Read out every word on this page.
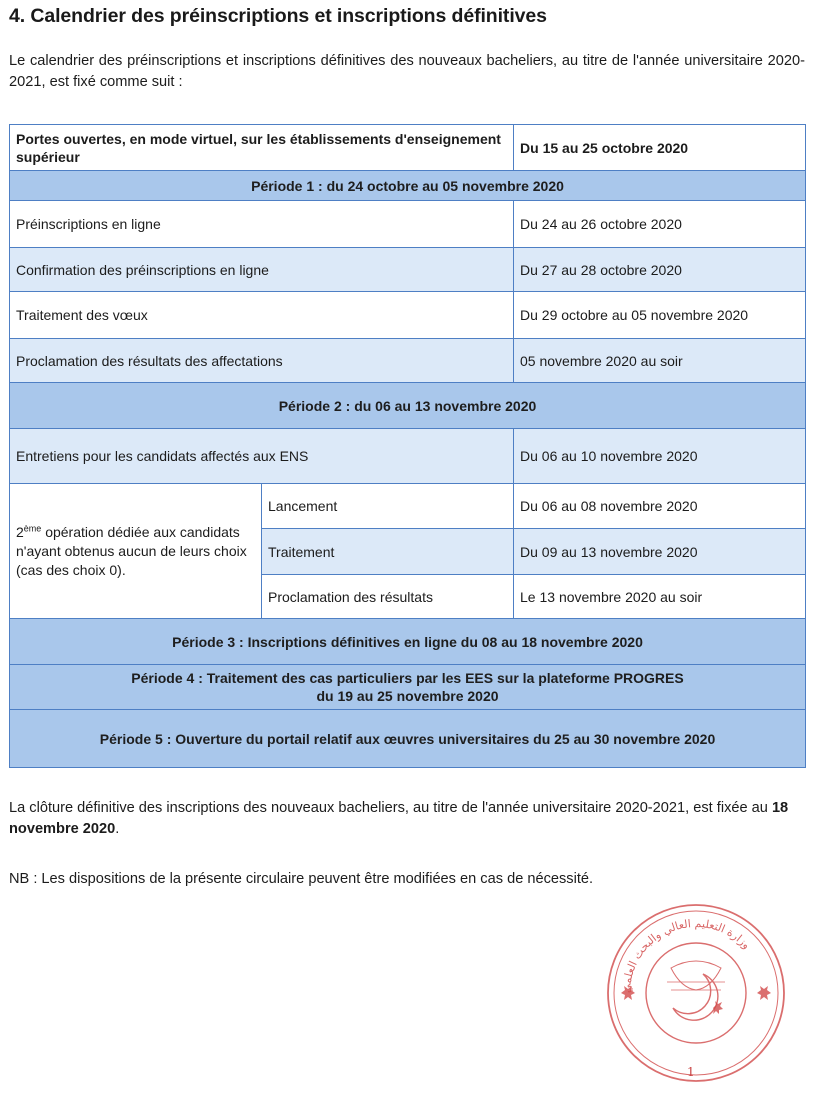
4. Calendrier des préinscriptions et inscriptions définitives
Le calendrier des préinscriptions et inscriptions définitives des nouveaux bacheliers, au titre de l'année universitaire 2020-2021, est fixé comme suit :
Portes ouvertes, en mode virtuel, sur les établissements d'enseignement supérieur		Du 15 au 25 octobre 2020
Période 1 : du 24 octobre au 05 novembre 2020		
Préinscriptions en ligne		Du 24 au 26 octobre 2020
Confirmation des préinscriptions en ligne		Du 27 au 28 octobre 2020
Traitement des vœux		Du 29 octobre au 05 novembre 2020
Proclamation des résultats des affectations		05 novembre 2020 au soir
Période 2 : du 06 au 13 novembre 2020		
Entretiens pour les candidats affectés aux ENS		Du 06 au 10 novembre 2020
2ème opération dédiée aux candidats n'ayant obtenus aucun de leurs choix (cas des choix 0).	Lancement	Du 06 au 08 novembre 2020
	Traitement	Du 09 au 13 novembre 2020
	Proclamation des résultats	Le 13 novembre 2020 au soir
Période 3 : Inscriptions définitives en ligne du 08 au 18 novembre 2020		
Période 4 : Traitement des cas particuliers par les EES sur la plateforme PROGRES
du 19 au 25 novembre 2020		
Période 5 : Ouverture du portail relatif aux œuvres universitaires du 25 au 30 novembre 2020		
La clôture définitive des inscriptions des nouveaux bacheliers, au titre de l'année universitaire 2020-2021, est fixée au 18 novembre 2020.
NB : Les dispositions de la présente circulaire peuvent être modifiées en cas de nécessité.
وزارة التعليم العالي والبحث العلمي
1
